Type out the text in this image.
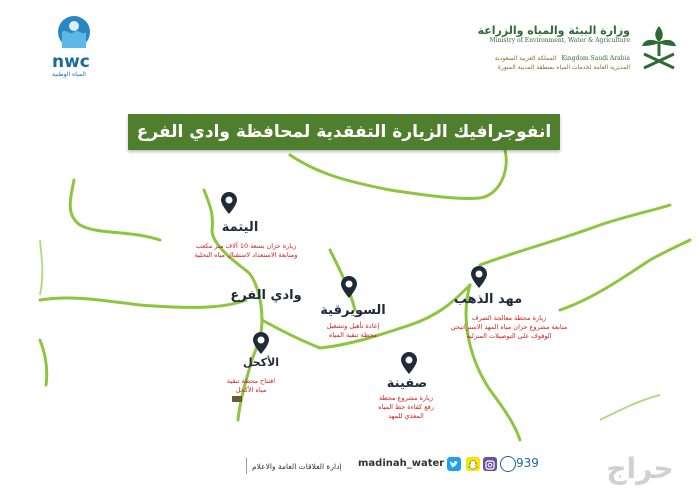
وزارة البيئة والمياه والزراعة
Ministry of Environment, Water & Agriculture
Kingdom Saudi Arabia المملكة العربية السعودية
المديرية العامة لخدمات المياه بمنطقة المدينة المنورة
nwc
المياه الوطنية
انفوجرافيك الزيارة التفقدية لمحافظة وادي الفرع
اليتمة
زيارة خزان بسعة 10 آلاف متر مكعب
ومتابعة الاستعداد لاستقبال مياه التحلية
وادي الفرع
الأكحل
افتتاح محطة تنقية
مياه الأكحل
السويرقية
إعادة تأهيل وتشغيل
محطة تنقية المياه
صفينة
زيارة مشروع محطة
رفع كفاءة خط المياه
المغذي للمهد
مهد الذهب
زيارة محطة معالجة الصرف
متابعة مشروع خزان مياه المهد الاستراتيجي
الوقوف على التوصيلات المنزلية
إدارة العلاقات العامة والاعلام madinah_water	939	حراج
